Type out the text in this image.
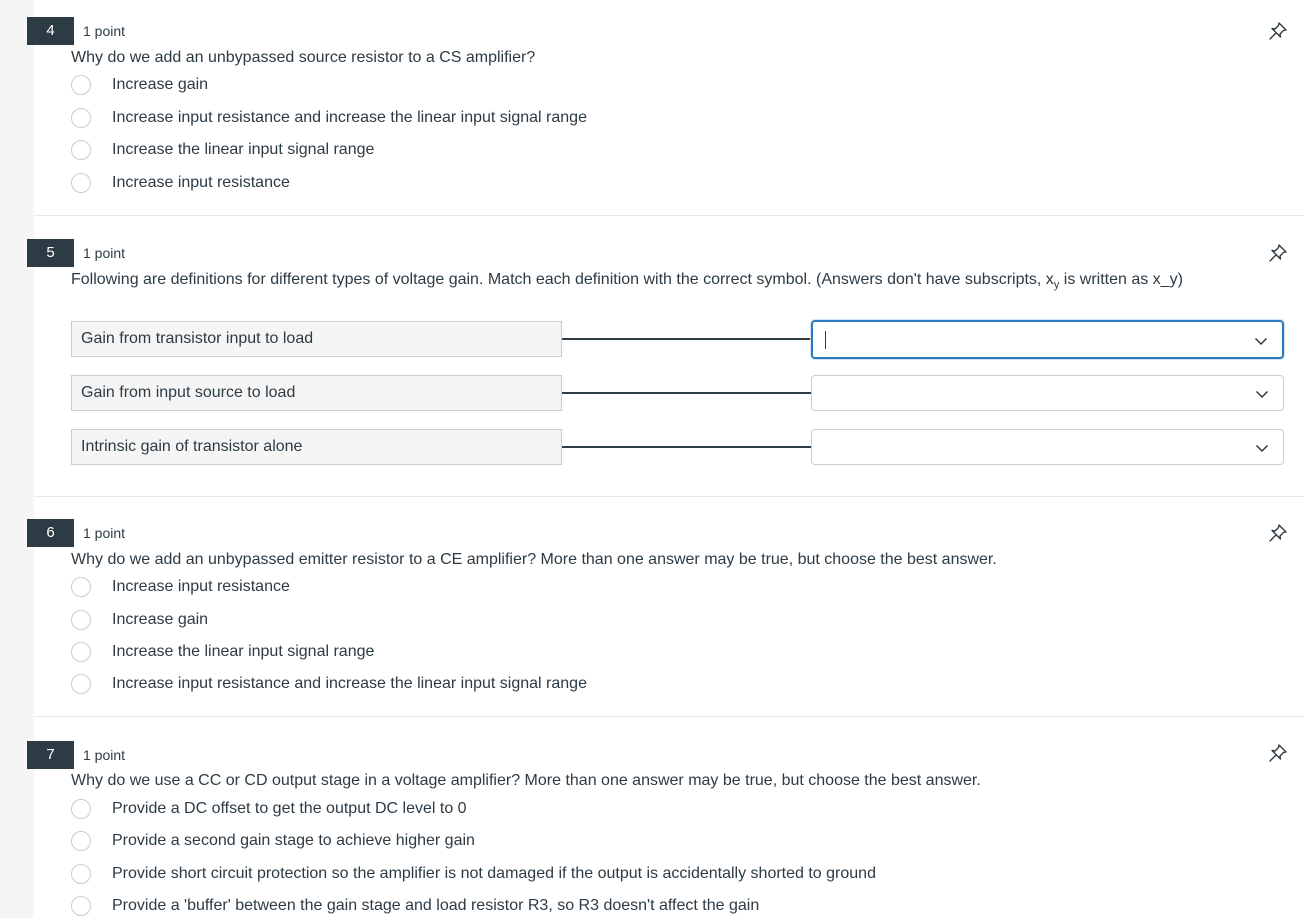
4	1 point
Why do we add an unbypassed source resistor to a CS amplifier?
Increase gain
Increase input resistance and increase the linear input signal range
Increase the linear input signal range
Increase input resistance
5	1 point
Following are definitions for different types of voltage gain. Match each definition with the correct symbol. (Answers don't have subscripts, $x_y$ is written as x_y)
Gain from transistor input to load
Gain from input source to load
Intrinsic gain of transistor alone
6	1 point
Why do we add an unbypassed emitter resistor to a CE amplifier? More than one answer may be true, but choose the best answer.
Increase input resistance
Increase gain
Increase the linear input signal range
Increase input resistance and increase the linear input signal range
7	1 point
Why do we use a CC or CD output stage in a voltage amplifier? More than one answer may be true, but choose the best answer.
Provide a DC offset to get the output DC level to 0
Provide a second gain stage to achieve higher gain
Provide short circuit protection so the amplifier is not damaged if the output is accidentally shorted to ground
Provide a 'buffer' between the gain stage and load resistor R3, so R3 doesn't affect the gain
